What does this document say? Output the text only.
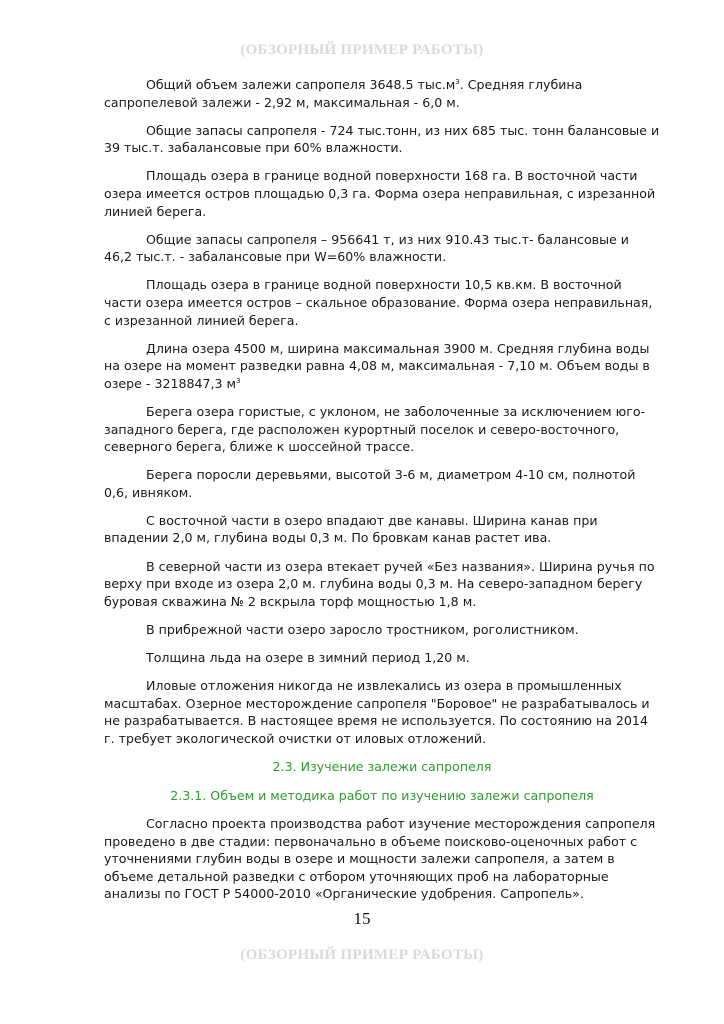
(ОБЗОРНЫЙ ПРИМЕР РАБОТЫ)

Общий объем залежи сапропеля 3648.5 $тыс.м^3$. Средняя глубина сапропелевой залежи - 2,92 м, максимальная - 6,0 м.

Общие запасы сапропеля - 724 тыс.тонн, из них 685 тыс. тонн балансовые и 39 тыс.т. забалансовые при 60% влажности.

Площадь озера в границе водной поверхности 168 га. В восточной части озера имеется остров площадью 0,3 га. Форма озера неправильная, с изрезанной линией берега.

Общие запасы сапропеля – 956641 т, из них 910.43 тыс.т- балансовые и 46,2 тыс.т. - забалансовые при W=60% влажности.

Площадь озера в границе водной поверхности 10,5 кв.км. В восточной части озера имеется остров – скальное образование. Форма озера неправильная, с изрезанной линией берега.

Длина озера 4500 м, ширина максимальная 3900 м. Средняя глубина воды на озере на момент разведки равна 4,08 м, максимальная - 7,10 м. Объем воды в озере - 3218847,3 $м^3$

Берега озера гористые, с уклоном, не заболоченные за исключением юго-западного берега, где расположен курортный поселок и северо-восточного, северного берега, ближе к шоссейной трассе.

Берега поросли деревьями, высотой 3-6 м, диаметром 4-10 см, полнотой 0,6, ивняком.

С восточной части в озеро впадают две канавы. Ширина канав при впадении 2,0 м, глубина воды 0,3 м. По бровкам канав растет ива.

В северной части из озера втекает ручей «Без названия». Ширина ручья по верху при входе из озера 2,0 м. глубина воды 0,3 м. На северо-западном берегу буровая скважина № 2 вскрыла торф мощностью 1,8 м.

В прибрежной части озеро заросло тростником, роголистником.

Толщина льда на озере в зимний период 1,20 м.

Иловые отложения никогда не извлекались из озера в промышленных масштабах. Озерное месторождение сапропеля "Боровое" не разрабатывалось и не разрабатывается. В настоящее время не используется. По состоянию на 2014 г. требует экологической очистки от иловых отложений.

2.3. Изучение залежи сапропеля
2.3.1. Объем и методика работ по изучению залежи сапропеля

Согласно проекта производства работ изучение месторождения сапропеля проведено в две стадии: первоначально в объеме поисково-оценочных работ с уточнениями глубин воды в озере и мощности залежи сапропеля, а затем в объеме детальной разведки с отбором уточняющих проб на лабораторные анализы по ГОСТ Р 54000-2010 «Органические удобрения. Сапропель».

15
(ОБЗОРНЫЙ ПРИМЕР РАБОТЫ)
